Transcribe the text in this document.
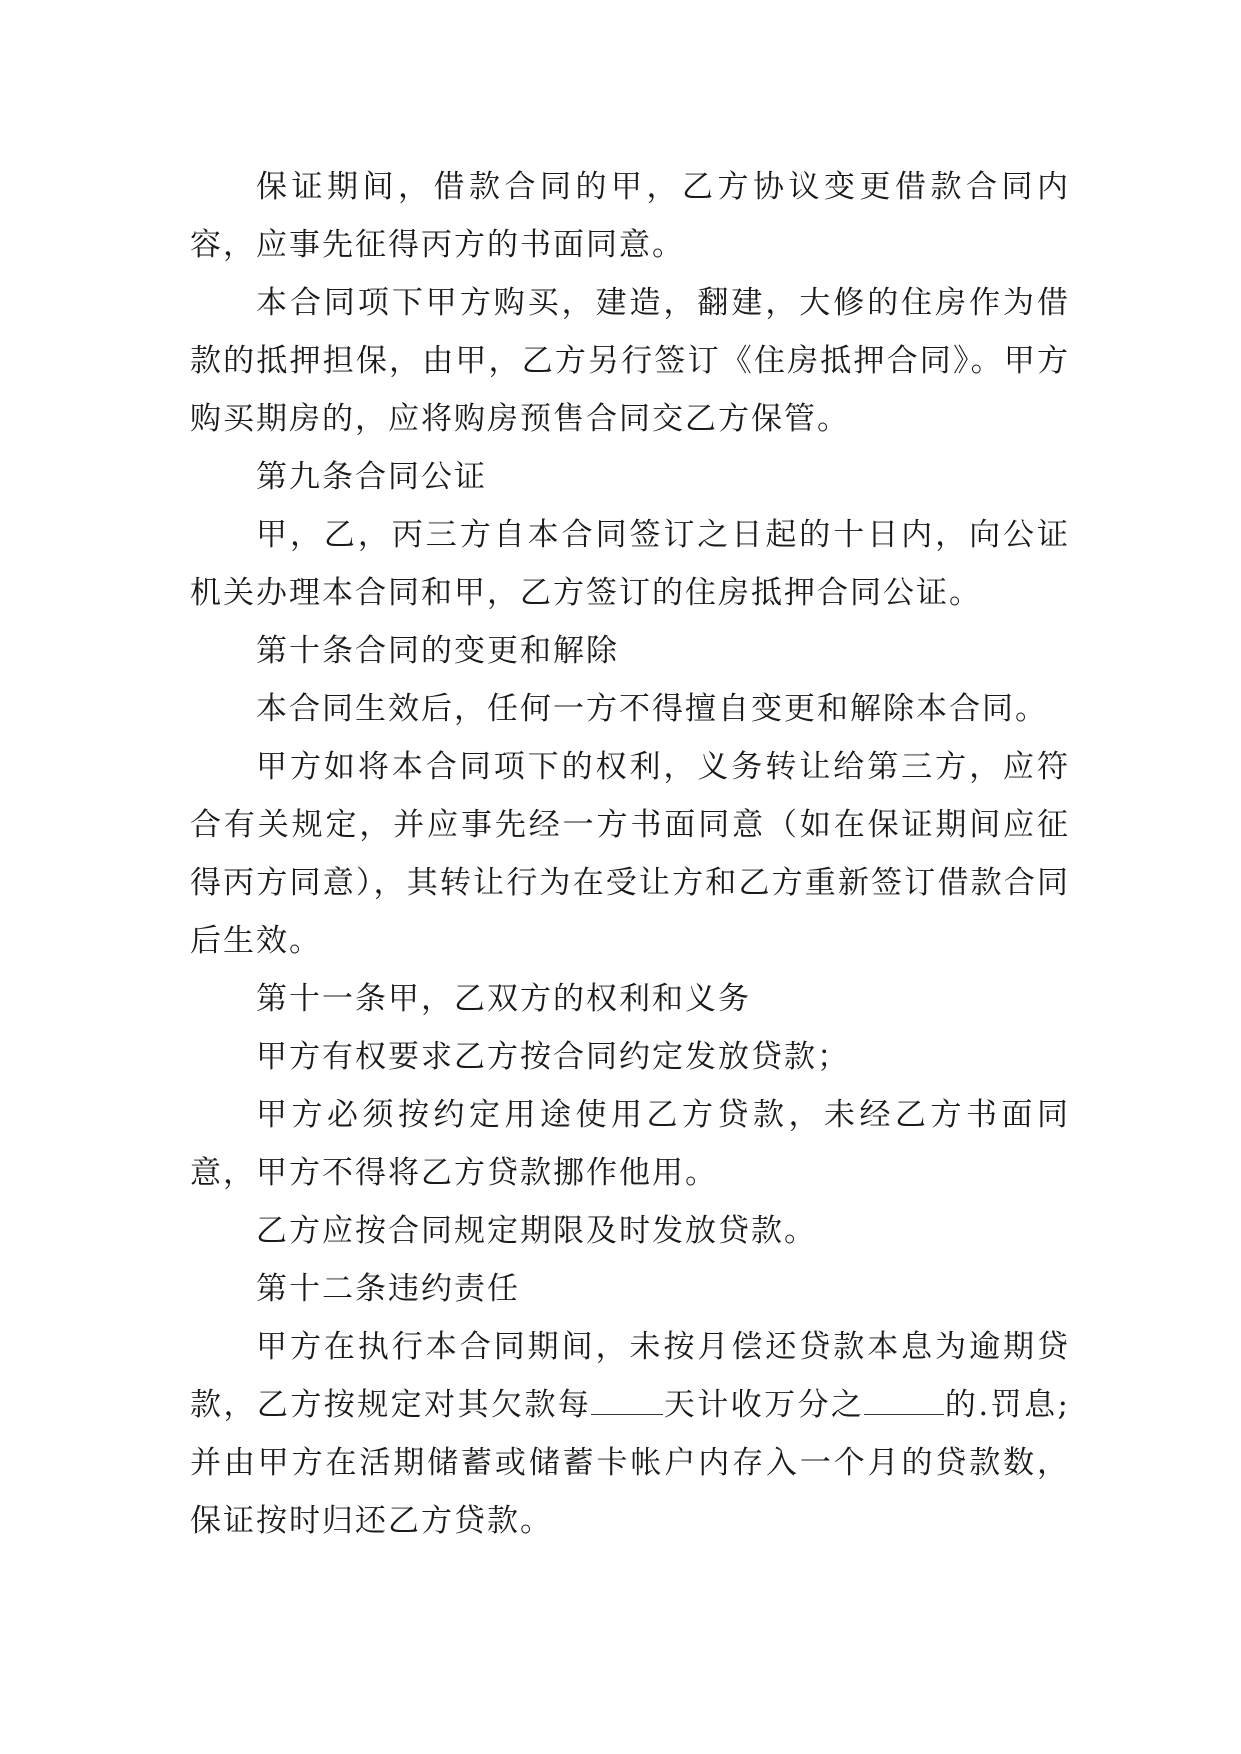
保证期间，借款合同的甲，乙方协议变更借款合同内容，应事先征得丙方的书面同意。

本合同项下甲方购买，建造，翻建，大修的住房作为借款的抵押担保，由甲，乙方另行签订《住房抵押合同》。甲方购买期房的，应将购房预售合同交乙方保管。

第九条合同公证

甲，乙，丙三方自本合同签订之日起的十日内，向公证机关办理本合同和甲，乙方签订的住房抵押合同公证。

第十条合同的变更和解除

本合同生效后，任何一方不得擅自变更和解除本合同。

甲方如将本合同项下的权利，义务转让给第三方，应符合有关规定，并应事先经一方书面同意（如在保证期间应征得丙方同意），其转让行为在受让方和乙方重新签订借款合同后生效。

第十一条甲，乙双方的权利和义务

甲方有权要求乙方按合同约定发放贷款；

甲方必须按约定用途使用乙方贷款，未经乙方书面同意，甲方不得将乙方贷款挪作他用。

乙方应按合同规定期限及时发放贷款。

第十二条违约责任

甲方在执行本合同期间，未按月偿还贷款本息为逾期贷款，乙方按规定对其欠款每 天计收万分之	的.罚息;并由甲方在活期储蓄或储蓄卡帐户内存入一个月的贷款数，保证按时归还乙方贷款。
